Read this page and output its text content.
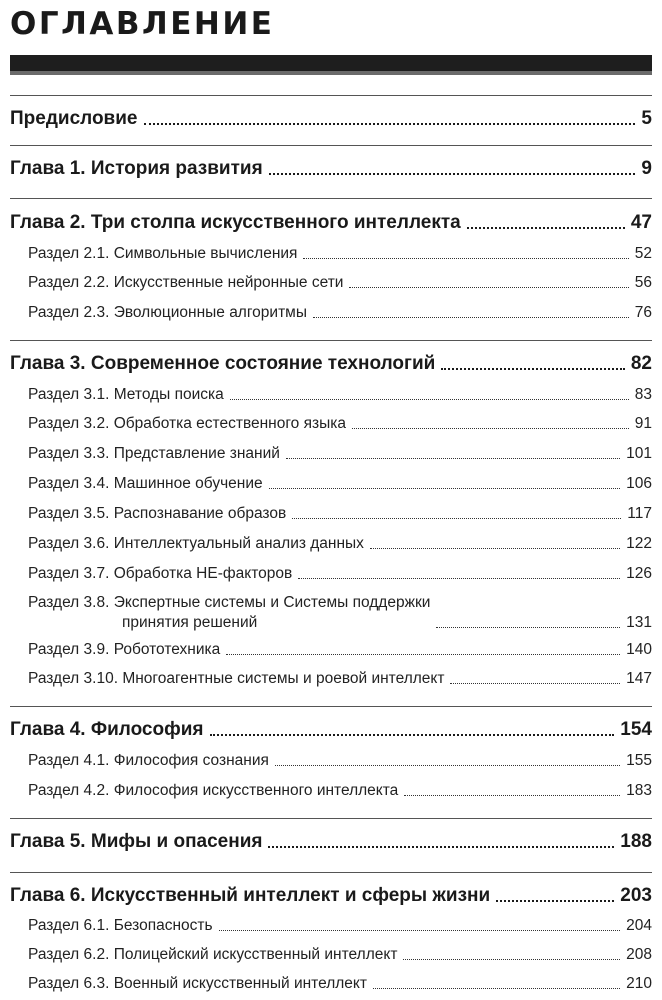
ОГЛАВЛЕНИЕ
Предисловие	5
Глава 1. История развития	9
Глава 2. Три столпа искусственного интеллекта	47
Раздел 2.1. Символьные вычисления	52
Раздел 2.2. Искусственные нейронные сети	56
Раздел 2.3. Эволюционные алгоритмы	76
Глава 3. Современное состояние технологий	82
Раздел 3.1. Методы поиска	83
Раздел 3.2. Обработка естественного языка	91
Раздел 3.3. Представление знаний	101
Раздел 3.4. Машинное обучение	106
Раздел 3.5. Распознавание образов	117
Раздел 3.6. Интеллектуальный анализ данных	122
Раздел 3.7. Обработка НЕ-факторов	126
Раздел 3.8. Экспертные системы и Системы поддержки
принятия решений	131
Раздел 3.9. Робототехника	140
Раздел 3.10. Многоагентные системы и роевой интеллект	147
Глава 4. Философия	154
Раздел 4.1. Философия сознания	155
Раздел 4.2. Философия искусственного интеллекта	183
Глава 5. Мифы и опасения	188
Глава 6. Искусственный интеллект и сферы жизни	203
Раздел 6.1. Безопасность	204
Раздел 6.2. Полицейский искусственный интеллект	208
Раздел 6.3. Военный искусственный интеллект	210
